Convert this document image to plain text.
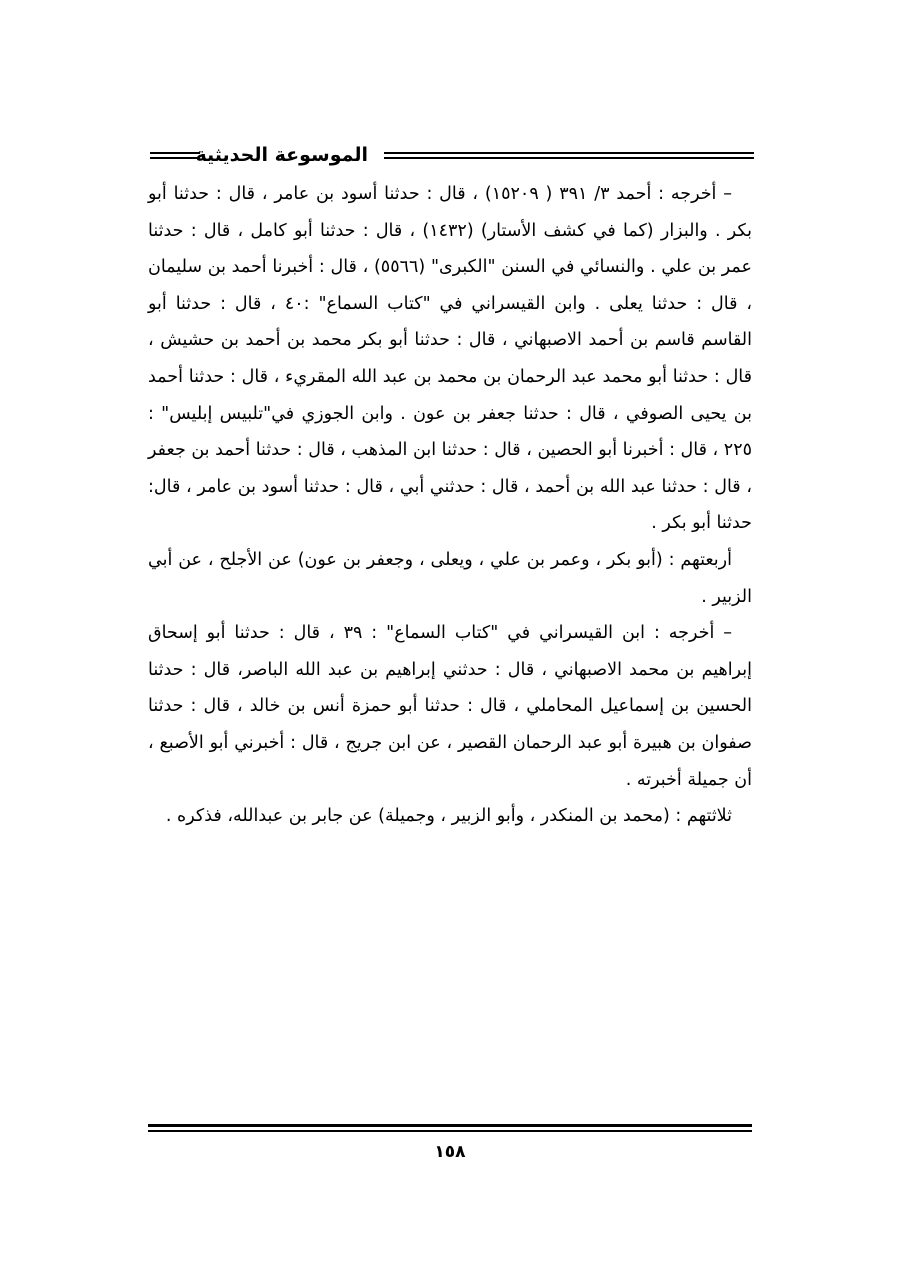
الموسوعة الحديثية

– أخرجه : أحمد ٣/ ٣٩١ ( ١٥٢٠٩) ، قال : حدثنا أسود بن عامر ، قال : حدثنا أبو بكر . والبزار (كما في كشف الأستار) (١٤٣٢) ، قال : حدثنا أبو كامل ، قال : حدثنا عمر بن علي . والنسائي في السنن "الكبرى" (٥٥٦٦) ، قال : أخبرنا أحمد بن سليمان ، قال : حدثنا يعلى . وابن القيسراني في "كتاب السماع" :٤٠ ، قال : حدثنا أبو القاسم قاسم بن أحمد الاصبهاني ، قال : حدثنا أبو بكر محمد بن أحمد بن حشيش ، قال : حدثنا أبو محمد عبد الرحمان بن محمد بن عبد الله المقريء ، قال : حدثنا أحمد بن يحيى الصوفي ، قال : حدثنا جعفر بن عون . وابن الجوزي في"تلبيس إبليس" : ٢٢٥ ، قال : أخبرنا أبو الحصين ، قال : حدثنا ابن المذهب ، قال : حدثنا أحمد بن جعفر ، قال : حدثنا عبد الله بن أحمد ، قال : حدثني أبي ، قال : حدثنا أسود بن عامر ، قال: حدثنا أبو بكر .

أربعتهم : (أبو بكر ، وعمر بن علي ، ويعلى ، وجعفر بن عون) عن الأجلح ، عن أبي الزبير .

– أخرجه : ابن القيسراني في "كتاب السماع" : ٣٩ ، قال : حدثنا أبو إسحاق إبراهيم بن محمد الاصبهاني ، قال : حدثني إبراهيم بن عبد الله الباصر، قال : حدثنا الحسين بن إسماعيل المحاملي ، قال : حدثنا أبو حمزة أنس بن خالد ، قال : حدثنا صفوان بن هبيرة أبو عبد الرحمان القصير ، عن ابن جريج ، قال : أخبرني أبو الأصبع ، أن جميلة أخبرته .

ثلاثتهم : (محمد بن المنكدر ، وأبو الزبير ، وجميلة) عن جابر بن عبدالله، فذكره .

١٥٨
